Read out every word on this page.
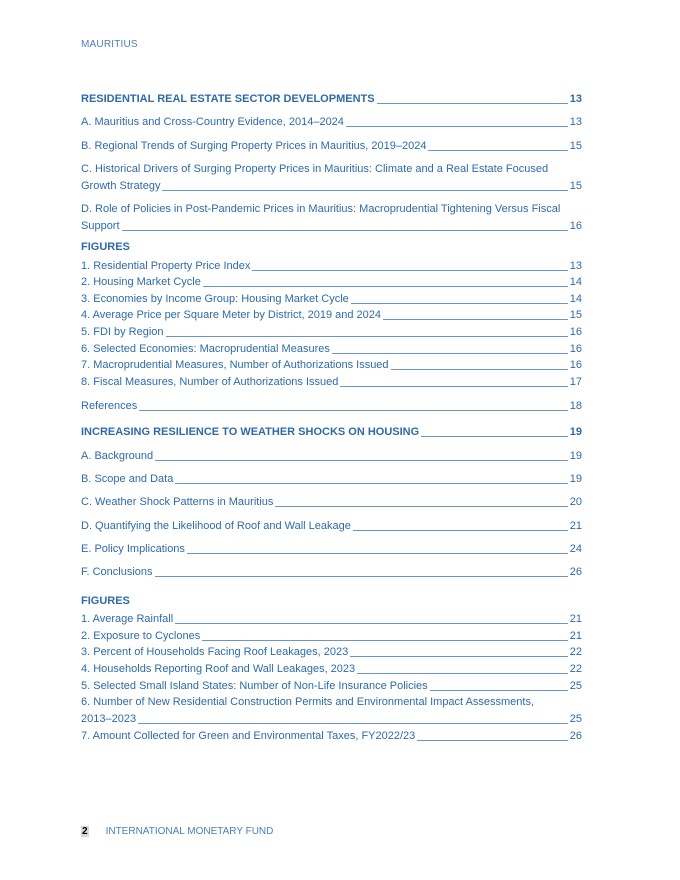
MAURITIUS
RESIDENTIAL REAL ESTATE SECTOR DEVELOPMENTS	13
A. Mauritius and Cross-Country Evidence, 2014–2024	13
B. Regional Trends of Surging Property Prices in Mauritius, 2019–2024	15
C. Historical Drivers of Surging Property Prices in Mauritius: Climate and a Real Estate Focused
Growth Strategy	15
D. Role of Policies in Post-Pandemic Prices in Mauritius: Macroprudential Tightening Versus Fiscal
Support	16
FIGURES
1. Residential Property Price Index	13
2. Housing Market Cycle	14
3. Economies by Income Group: Housing Market Cycle	14
4. Average Price per Square Meter by District, 2019 and 2024	15
5. FDI by Region	16
6. Selected Economies: Macroprudential Measures	16
7. Macroprudential Measures, Number of Authorizations Issued	16
8. Fiscal Measures, Number of Authorizations Issued	17
References	18
INCREASING RESILIENCE TO WEATHER SHOCKS ON HOUSING	19
A. Background	19
B. Scope and Data	19
C. Weather Shock Patterns in Mauritius	20
D. Quantifying the Likelihood of Roof and Wall Leakage	21
E. Policy Implications	24
F. Conclusions	26
FIGURES
1. Average Rainfall	21
2. Exposure to Cyclones	21
3. Percent of Households Facing Roof Leakages, 2023	22
4. Households Reporting Roof and Wall Leakages, 2023	22
5. Selected Small Island States: Number of Non-Life Insurance Policies	25
6. Number of New Residential Construction Permits and Environmental Impact Assessments,
2013–2023	25
7. Amount Collected for Green and Environmental Taxes, FY2022/23	26
2 INTERNATIONAL MONETARY FUND
